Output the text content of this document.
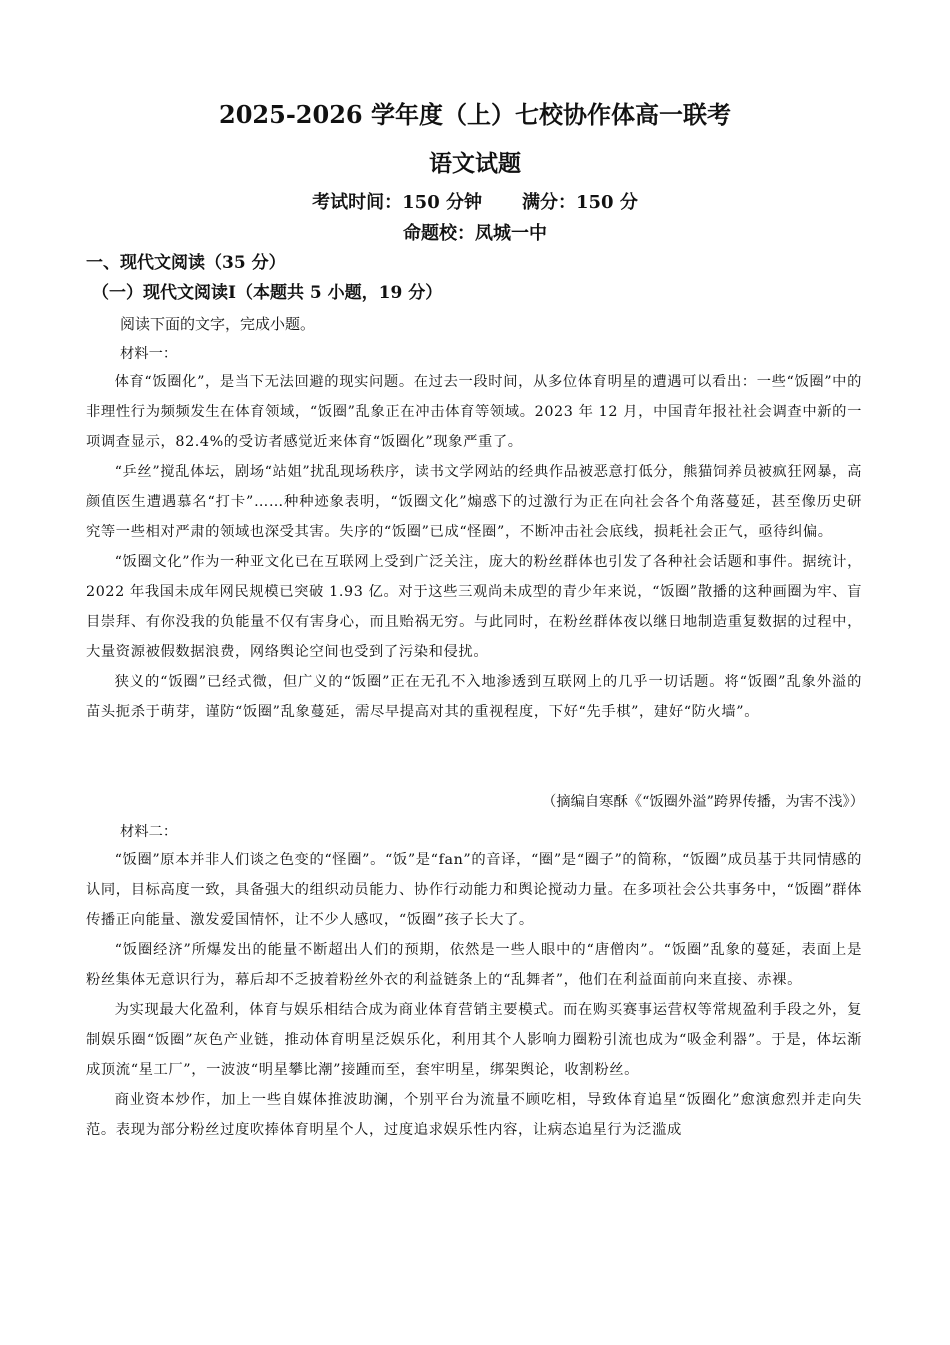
2025-2026 学年度（上）七校协作体高一联考
语文试题
考试时间：150 分钟 满分：150 分
命题校：凤城一中
一、现代文阅读（35 分）
（一）现代文阅读Ⅰ（本题共 5 小题，19 分）
阅读下面的文字，完成小题。
材料一：

体育“饭圈化”，是当下无法回避的现实问题。在过去一段时间，从多位体育明星的遭遇可以看出：一些“饭圈”中的非理性行为频频发生在体育领域，“饭圈”乱象正在冲击体育等领域。2023 年 12 月，中国青年报社社会调查中新的一项调查显示，82.4%的受访者感觉近来体育“饭圈化”现象严重了。

“乒丝”搅乱体坛，剧场“站姐”扰乱现场秩序，读书文学网站的经典作品被恶意打低分，熊猫饲养员被疯狂网暴，高颜值医生遭遇慕名“打卡”……种种迹象表明，“饭圈文化”煽惑下的过激行为正在向社会各个角落蔓延，甚至像历史研究等一些相对严肃的领域也深受其害。失序的“饭圈”已成“怪圈”，不断冲击社会底线，损耗社会正气，亟待纠偏。

“饭圈文化”作为一种亚文化已在互联网上受到广泛关注，庞大的粉丝群体也引发了各种社会话题和事件。据统计，2022 年我国未成年网民规模已突破 1.93 亿。对于这些三观尚未成型的青少年来说，“饭圈”散播的这种画圈为牢、盲目崇拜、有你没我的负能量不仅有害身心，而且贻祸无穷。与此同时，在粉丝群体夜以继日地制造重复数据的过程中，大量资源被假数据浪费，网络舆论空间也受到了污染和侵扰。

狭义的“饭圈”已经式微，但广义的“饭圈”正在无孔不入地渗透到互联网上的几乎一切话题。将“饭圈”乱象外溢的苗头扼杀于萌芽，谨防“饭圈”乱象蔓延，需尽早提高对其的重视程度，下好“先手棋”，建好“防火墙”。

（摘编自寒酥《“饭圈外溢”跨界传播，为害不浅》）
材料二：

“饭圈”原本并非人们谈之色变的“怪圈”。“饭”是“fan”的音译，“圈”是“圈子”的简称，“饭圈”成员基于共同情感的认同，目标高度一致，具备强大的组织动员能力、协作行动能力和舆论搅动力量。在多项社会公共事务中，“饭圈”群体传播正向能量、激发爱国情怀，让不少人感叹，“饭圈”孩子长大了。

“饭圈经济”所爆发出的能量不断超出人们的预期，依然是一些人眼中的“唐僧肉”。“饭圈”乱象的蔓延，表面上是粉丝集体无意识行为，幕后却不乏披着粉丝外衣的利益链条上的“乱舞者”，他们在利益面前向来直接、赤裸。

为实现最大化盈利，体育与娱乐相结合成为商业体育营销主要模式。而在购买赛事运营权等常规盈利手段之外，复制娱乐圈“饭圈”灰色产业链，推动体育明星泛娱乐化，利用其个人影响力圈粉引流也成为“吸金利器”。于是，体坛渐成顶流“星工厂”，一波波“明星攀比潮”接踵而至，套牢明星，绑架舆论，收割粉丝。

商业资本炒作，加上一些自媒体推波助澜，个别平台为流量不顾吃相，导致体育追星“饭圈化”愈演愈烈并走向失范。表现为部分粉丝过度吹捧体育明星个人，过度追求娱乐性内容，让病态追星行为泛滥成
